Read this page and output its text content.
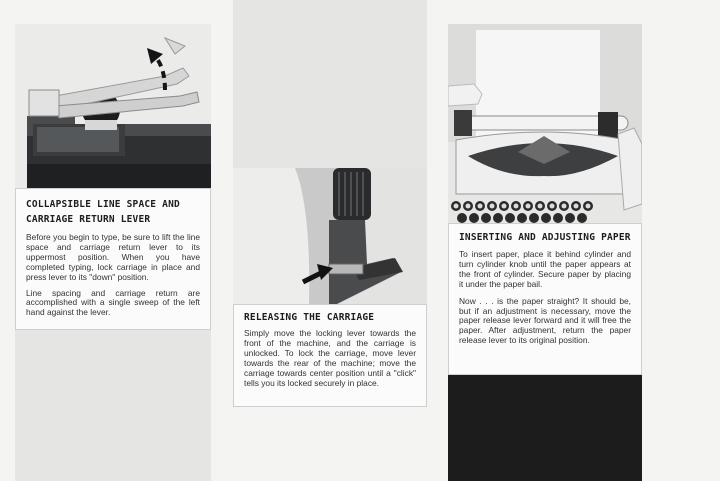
COLLAPSIBLE LINE SPACE AND
CARRIAGE RETURN LEVER

Before you begin to type, be sure to lift the line space and carriage return lever to its uppermost position. When you have completed typing, lock carriage in place and press lever to its "down" position.

Line spacing and carriage return are accomplished with a single sweep of the left hand against the lever.	RELEASING THE CARRIAGE

Simply move the locking lever towards the front of the machine, and the carriage is unlocked. To lock the carriage, move lever towards the rear of the machine; move the carriage towards center position until a "click" tells you its locked securely in place.

INSERTING AND ADJUSTING PAPER

To insert paper, place it behind cylinder and turn cylinder knob until the paper appears at the front of cylinder. Secure paper by placing it under the paper bail.

Now . . . is the paper straight? It should be, but if an adjustment is necessary, move the paper release lever forward and it will free the paper. After adjustment, return the paper release lever to its original position.
